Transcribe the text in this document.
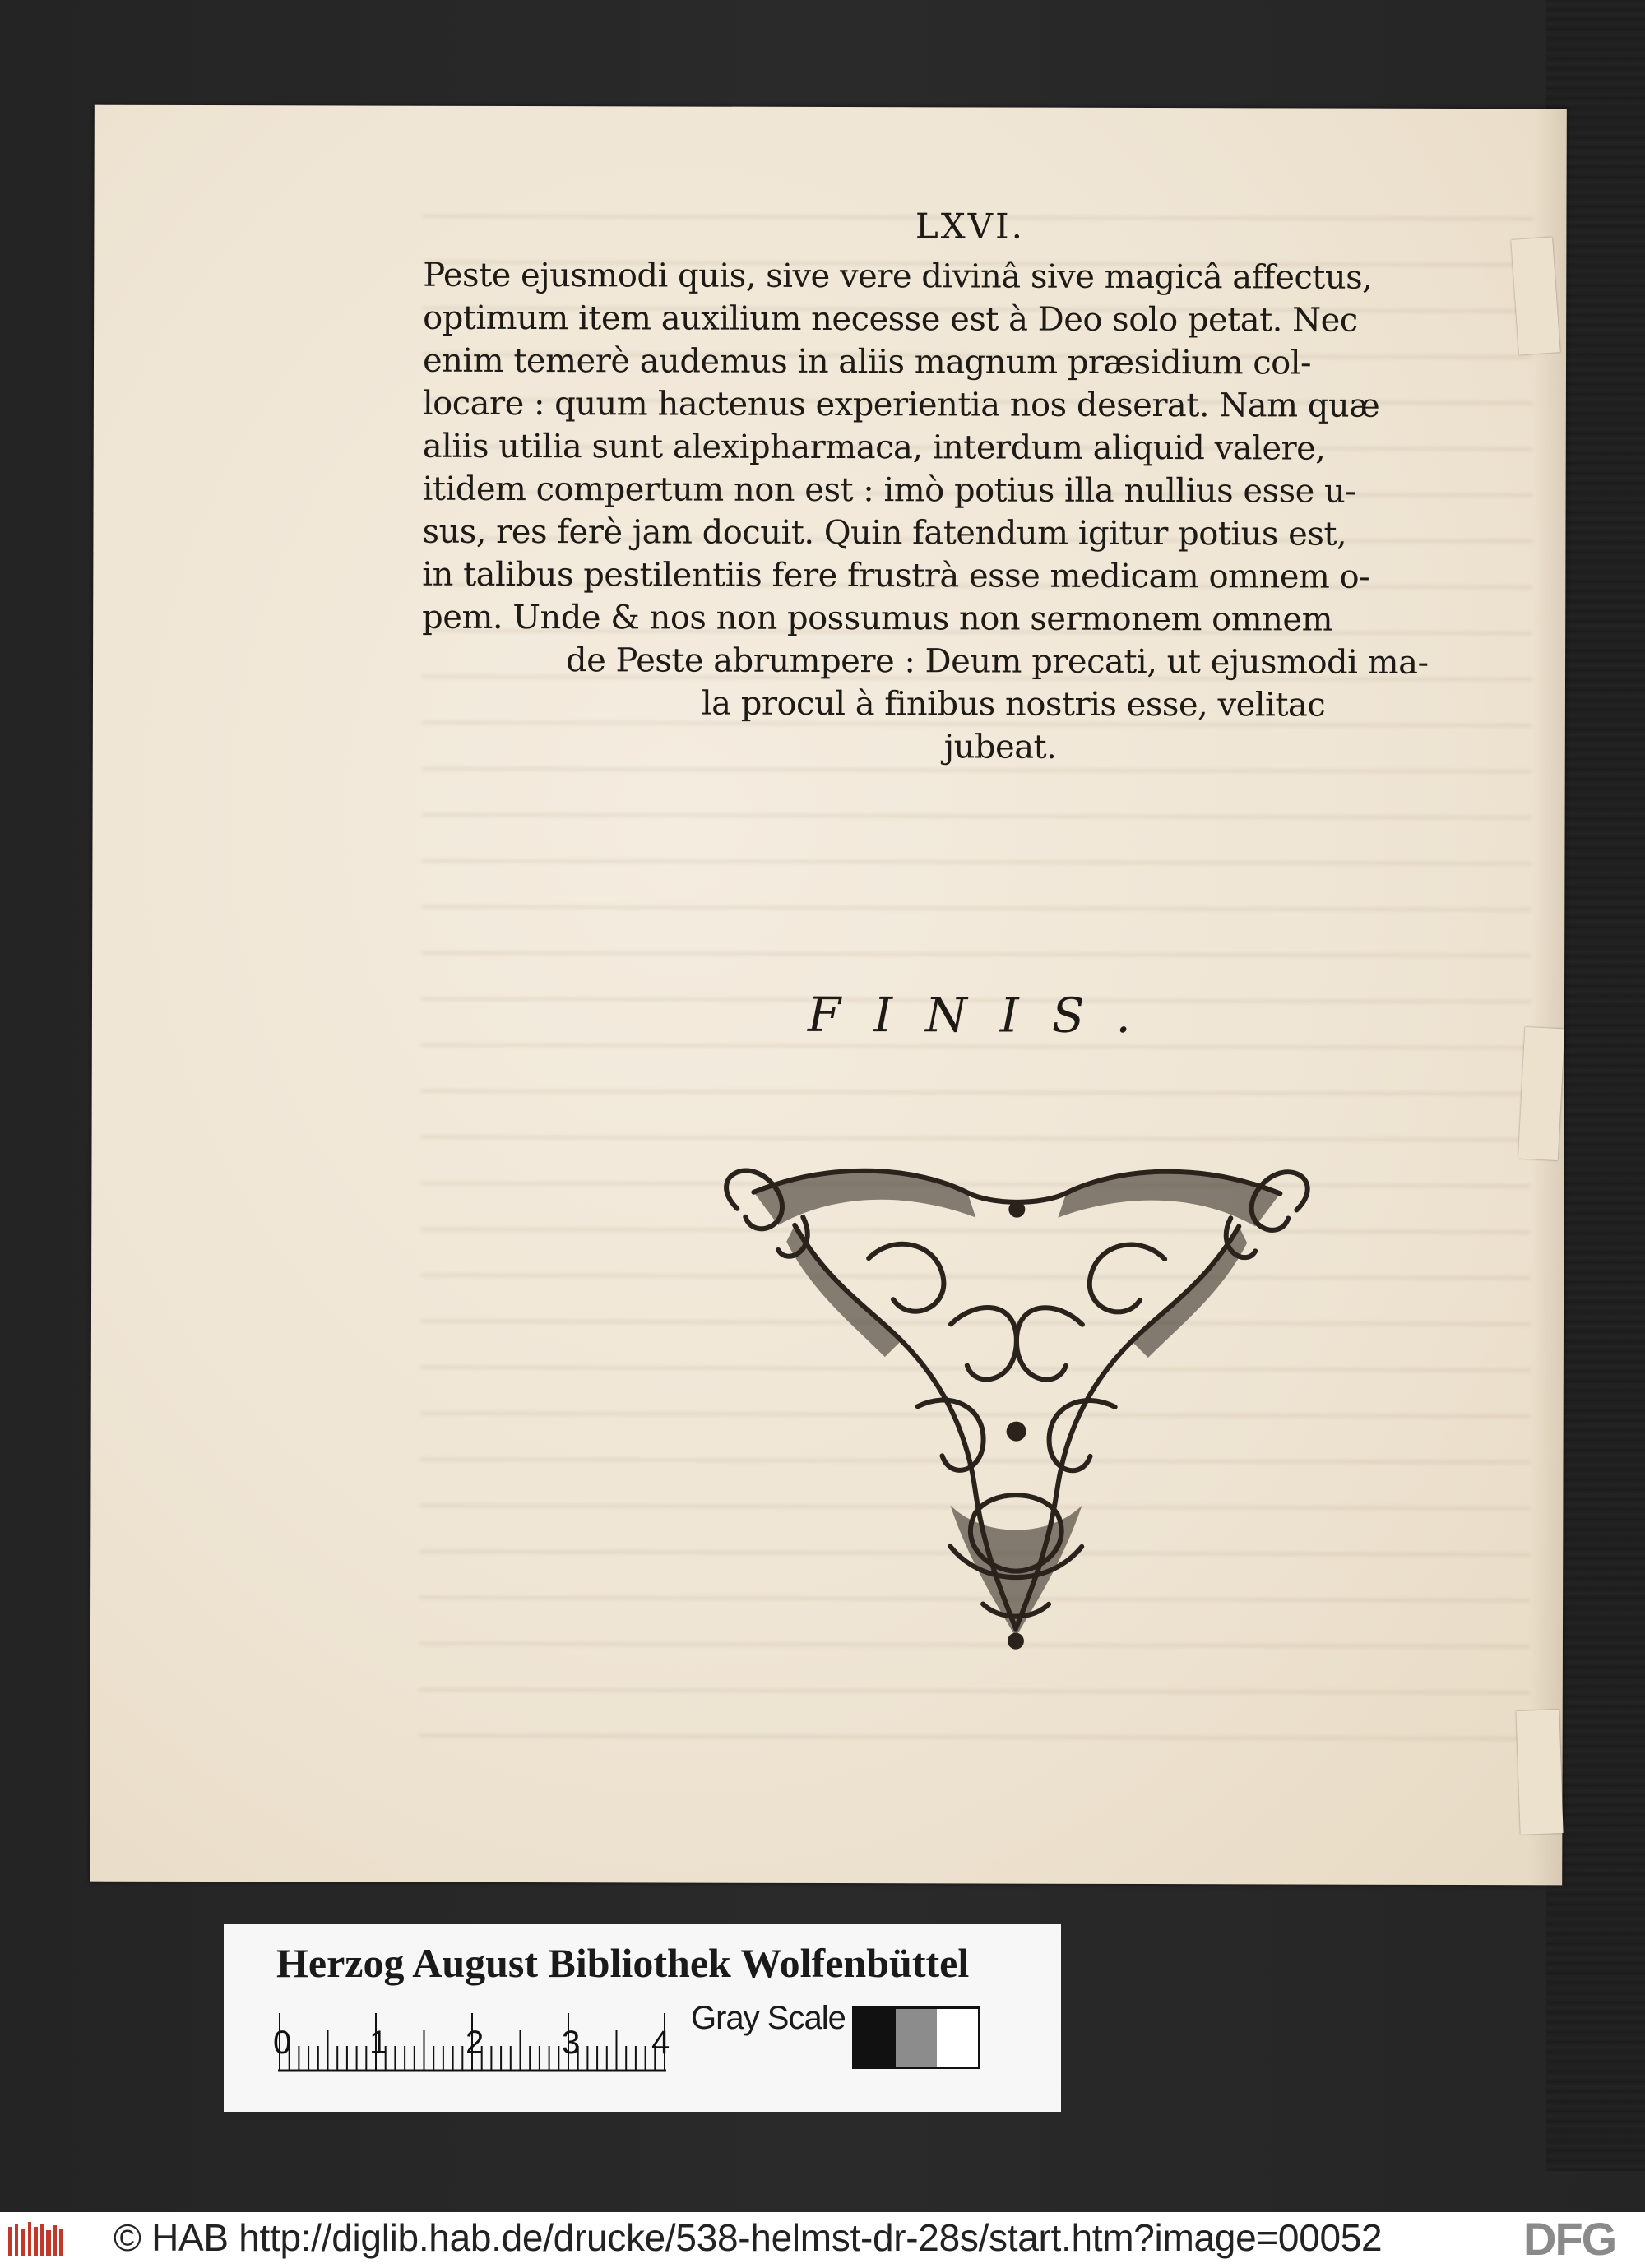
LXVI.
Peste ejusmodi quis, sive vere divinâ sive magicâ affectus,
optimum item auxilium necesse est à Deo solo petat. Nec
enim temerè audemus in aliis magnum præsidium col-
locare : quum hactenus experientia nos deserat. Nam quæ
aliis utilia sunt alexipharmaca, interdum aliquid valere,
itidem compertum non est : imò potius illa nullius esse u-
sus, res ferè jam docuit. Quin fatendum igitur potius est,
in talibus pestilentiis fere frustrà esse medicam omnem o-
pem. Unde & nos non possumus non sermonem omnem
de Peste abrumpere : Deum precati, ut ejusmodi ma-
la procul à finibus nostris esse, velitac
jubeat.
FINIS.
Herzog August Bibliothek Wolfenbüttel
0 1 2 3 4
Gray Scale
© HAB http://diglib.hab.de/drucke/538-helmst-dr-28s/start.htm?image=00052	DFG
